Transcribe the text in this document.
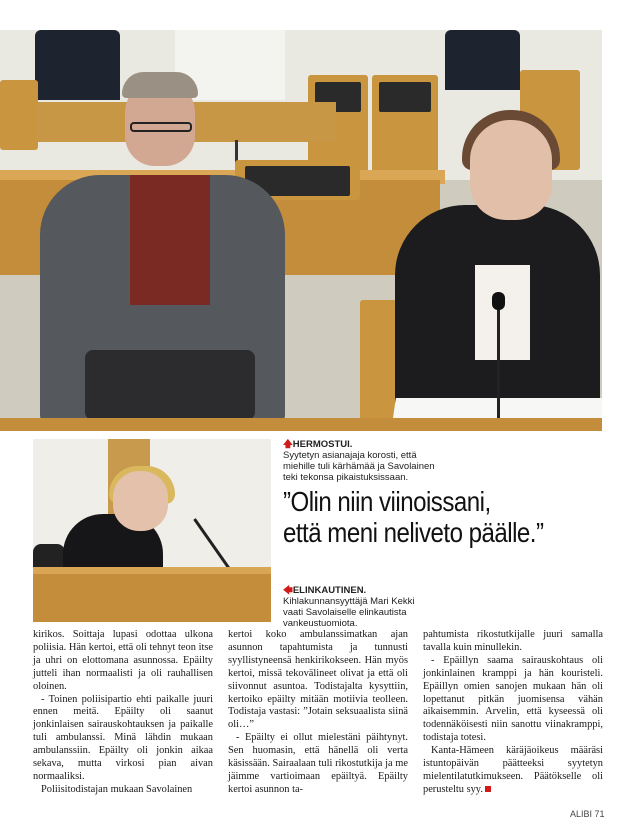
🡅HERMOSTUI.
Syytetyn asianajaja korosti, että
miehille tuli kärhämää ja Savolainen
teki tekonsa pikaistuksissaan.
”Olin niin viinoissani,
että meni neliveto päälle.”
🡄ELINKAUTINEN.
Kihlakunnansyyttäjä Mari Kekki
vaati Savolaiselle elinkautista
vankeustuomiota.

kirikos. Soittaja lupasi odottaa ulkona poliisia. Hän kertoi, että oli tehnyt teon itse ja uhri on elottomana asunnossa. Epäilty jutteli ihan normaalisti ja oli rauhallisen oloinen.

- Toinen poliisipartio ehti paikalle juuri ennen meitä. Epäilty oli saanut jonkinlaisen sairauskohtauksen ja paikalle tuli ambulanssi. Minä lähdin mukaan ambulanssiin. Epäilty oli jonkin aikaa sekava, mutta virkosi pian aivan normaaliksi.

Poliisitodistajan mukaan Savolainen

kertoi koko ambulanssimatkan ajan asunnon tapahtumista ja tunnusti syyllistyneensä henkirikokseen. Hän myös kertoi, missä tekovälineet olivat ja että oli siivonnut asuntoa. Todistajalta kysyttiin, kertoiko epäilty mitään motiivia teolleen. Todistaja vastasi: ”Jotain seksuaalista siinä oli…”

- Epäilty ei ollut mielestäni päihtynyt. Sen huomasin, että hänellä oli verta käsissään. Sairaalaan tuli rikostutkija ja me jäimme vartioimaan epäiltyä. Epäilty kertoi asunnon ta-

pahtumista rikostutkijalle juuri samalla tavalla kuin minullekin.

- Epäillyn saama sairauskohtaus oli jonkinlainen kramppi ja hän kouristeli. Epäillyn omien sanojen mukaan hän oli lopettanut pitkän juomisensa vähän aikaisemmin. Arvelin, että kyseessä oli todennäköisesti niin sanottu viinakramppi, todistaja totesi.

Kanta-Hämeen käräjäoikeus määräsi istuntopäivän päätteeksi syytetyn mielentilatutkimukseen. Päätökselle oli perusteltu syy.

ALIBI 71
